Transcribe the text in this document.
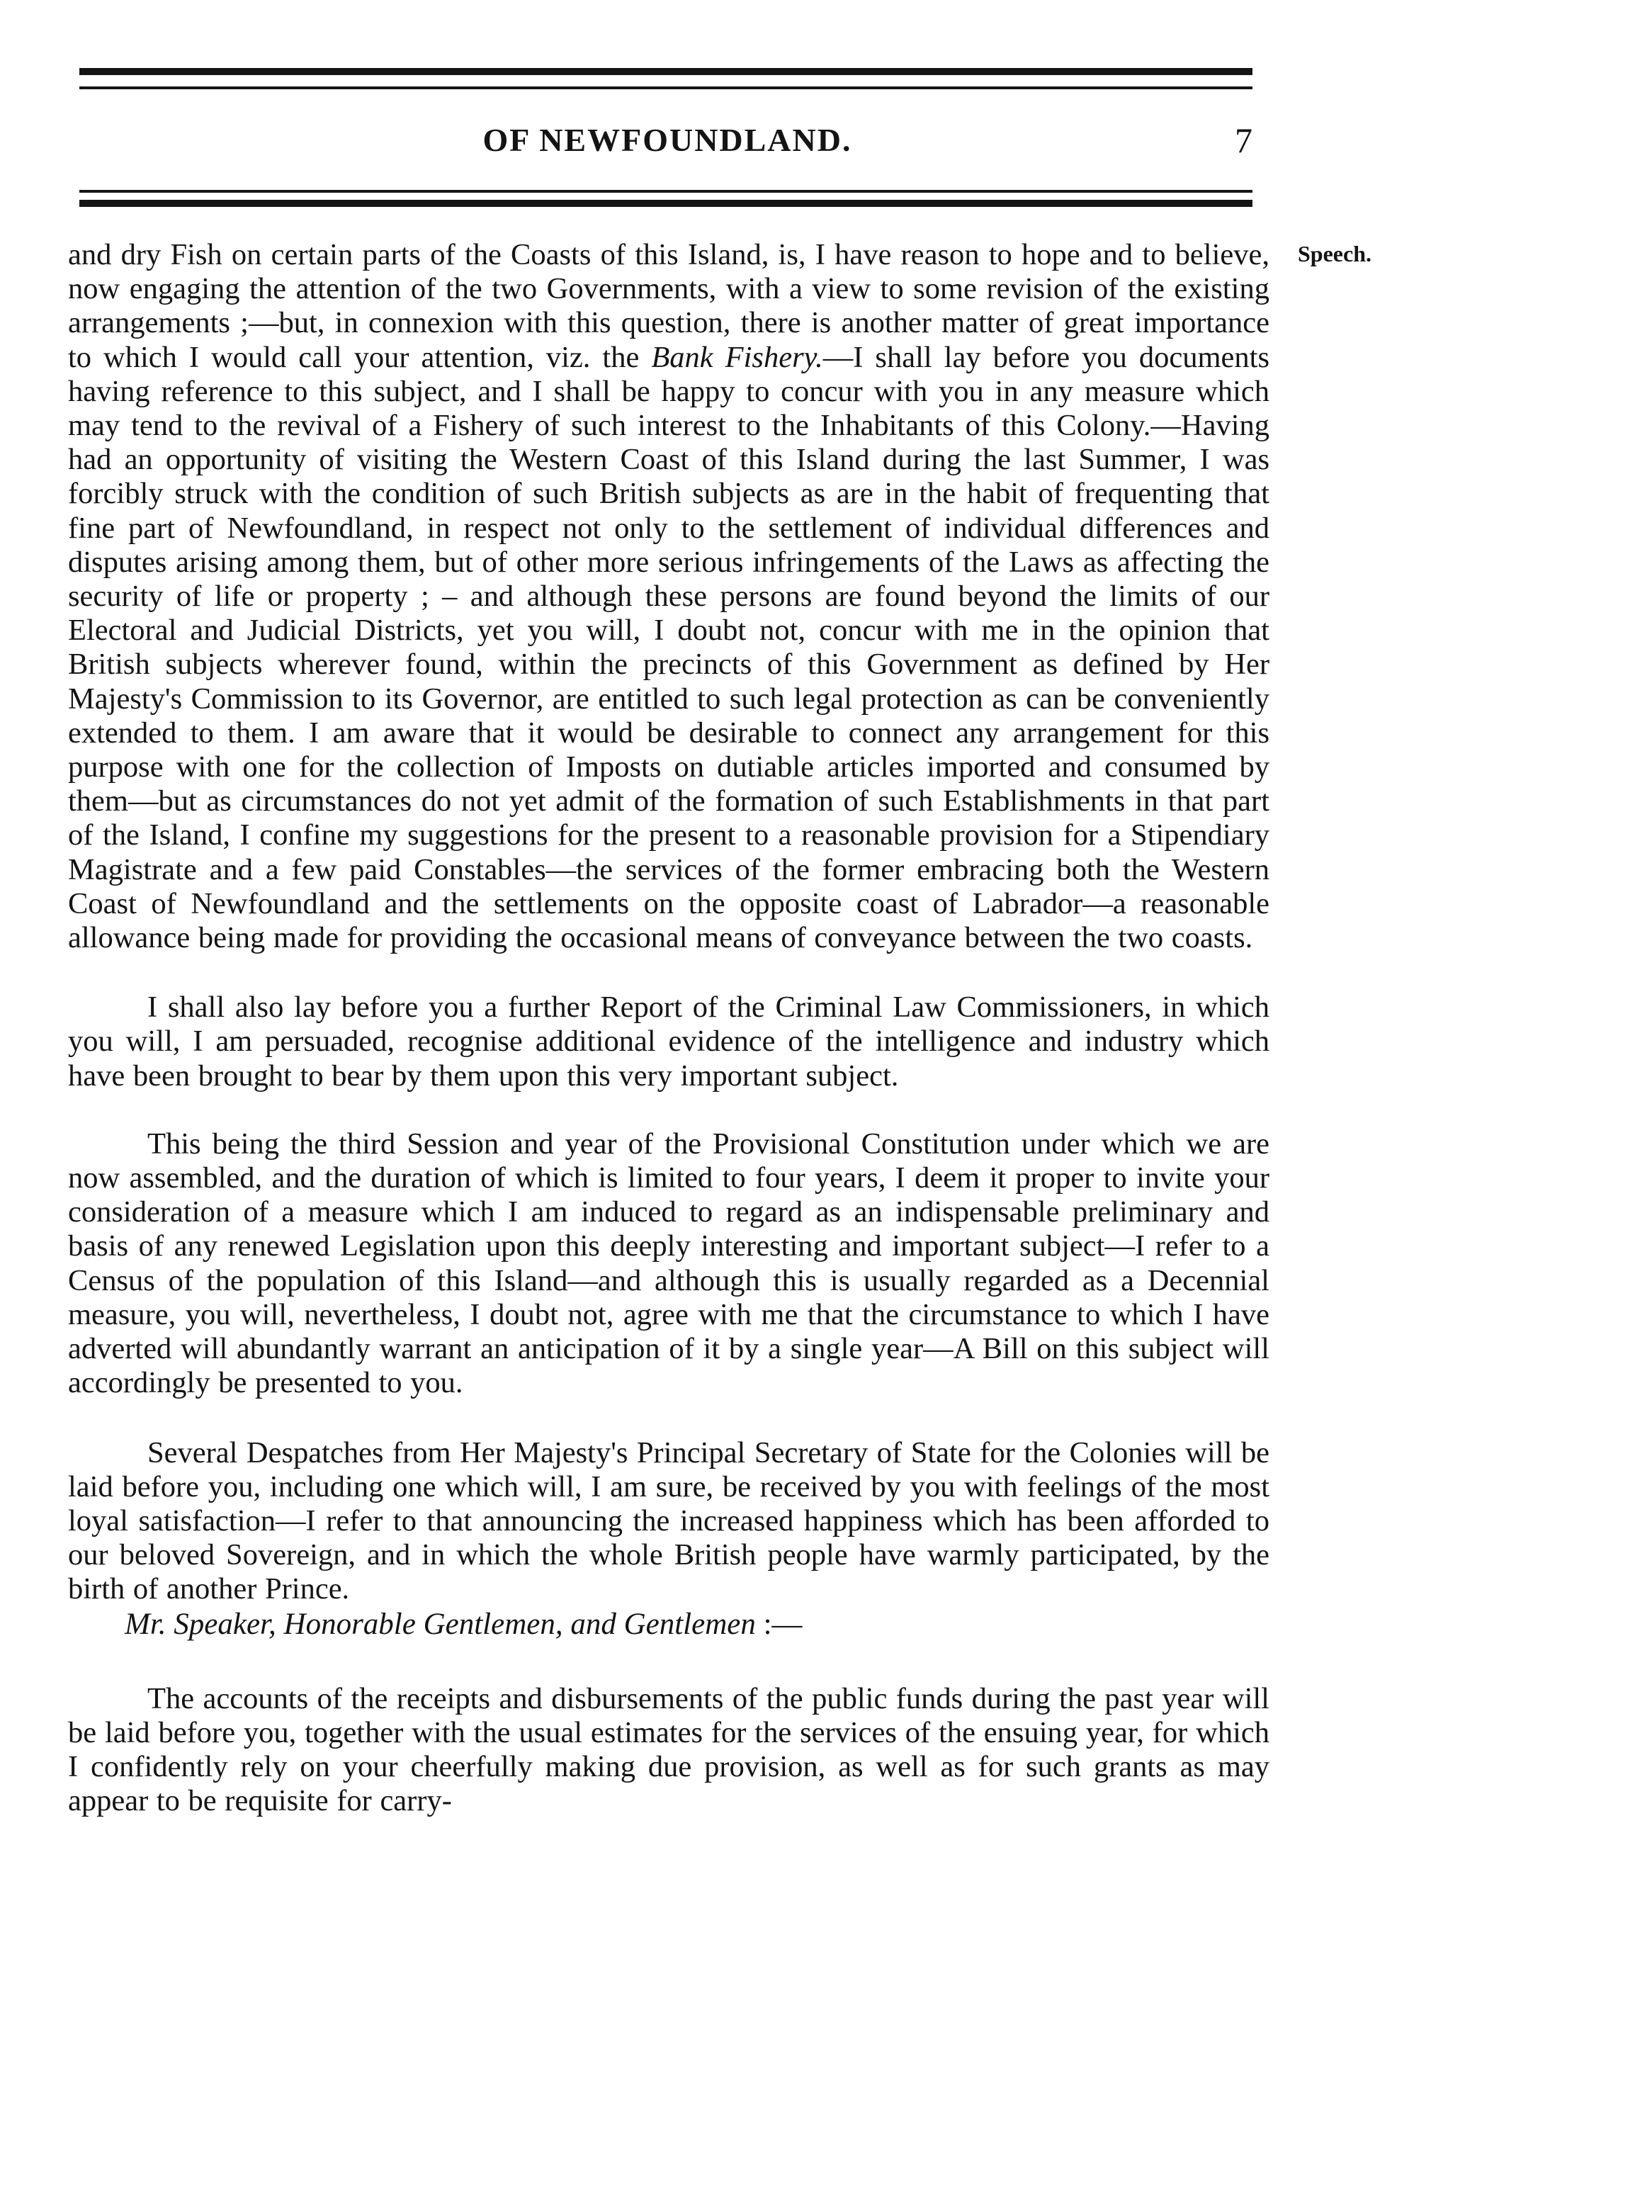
OF NEWFOUNDLAND.	7
Speech.

and dry Fish on certain parts of the Coasts of this Island, is, I have reason to hope and to believe, now engaging the attention of the two Governments, with a view to some revision of the existing arrangements ;—but, in connexion with this question, there is another matter of great importance to which I would call your attention, viz. the Bank Fishery.—I shall lay before you documents having reference to this subject, and I shall be happy to concur with you in any measure which may tend to the revival of a Fishery of such interest to the Inhabitants of this Colony.—Having had an opportunity of visiting the Western Coast of this Island during the last Summer, I was forcibly struck with the condition of such British subjects as are in the habit of frequenting that fine part of Newfoundland, in respect not only to the settlement of individual differences and disputes arising among them, but of other more serious infringements of the Laws as affecting the security of life or property ; – and although these persons are found beyond the limits of our Electoral and Judicial Districts, yet you will, I doubt not, concur with me in the opinion that British subjects wherever found, within the precincts of this Government as defined by Her Majesty's Commission to its Governor, are entitled to such legal protection as can be conveniently extended to them. I am aware that it would be desirable to connect any arrangement for this purpose with one for the collection of Imposts on dutiable articles imported and consumed by them—but as circumstances do not yet admit of the formation of such Establishments in that part of the Island, I confine my suggestions for the present to a reasonable provision for a Stipendiary Magistrate and a few paid Constables—the services of the former embracing both the Western Coast of Newfoundland and the settlements on the opposite coast of Labrador—a reasonable allowance being made for providing the occasional means of conveyance between the two coasts.

I shall also lay before you a further Report of the Criminal Law Commissioners, in which you will, I am persuaded, recognise additional evidence of the intelligence and industry which have been brought to bear by them upon this very important subject.

This being the third Session and year of the Provisional Constitution under which we are now assembled, and the duration of which is limited to four years, I deem it proper to invite your consideration of a measure which I am induced to regard as an indispensable preliminary and basis of any renewed Legislation upon this deeply interesting and important subject—I refer to a Census of the population of this Island—and although this is usually regarded as a Decennial measure, you will, nevertheless, I doubt not, agree with me that the circumstance to which I have adverted will abundantly warrant an anticipation of it by a single year—A Bill on this subject will accordingly be presented to you.

Several Despatches from Her Majesty's Principal Secretary of State for the Colonies will be laid before you, including one which will, I am sure, be received by you with feelings of the most loyal satisfaction—I refer to that announcing the increased happiness which has been afforded to our beloved Sovereign, and in which the whole British people have warmly participated, by the birth of another Prince.

Mr. Speaker, Honorable Gentlemen, and Gentlemen :—

The accounts of the receipts and disbursements of the public funds during the past year will be laid before you, together with the usual estimates for the services of the ensuing year, for which I confidently rely on your cheerfully making due provision, as well as for such grants as may appear to be requisite for carry-
